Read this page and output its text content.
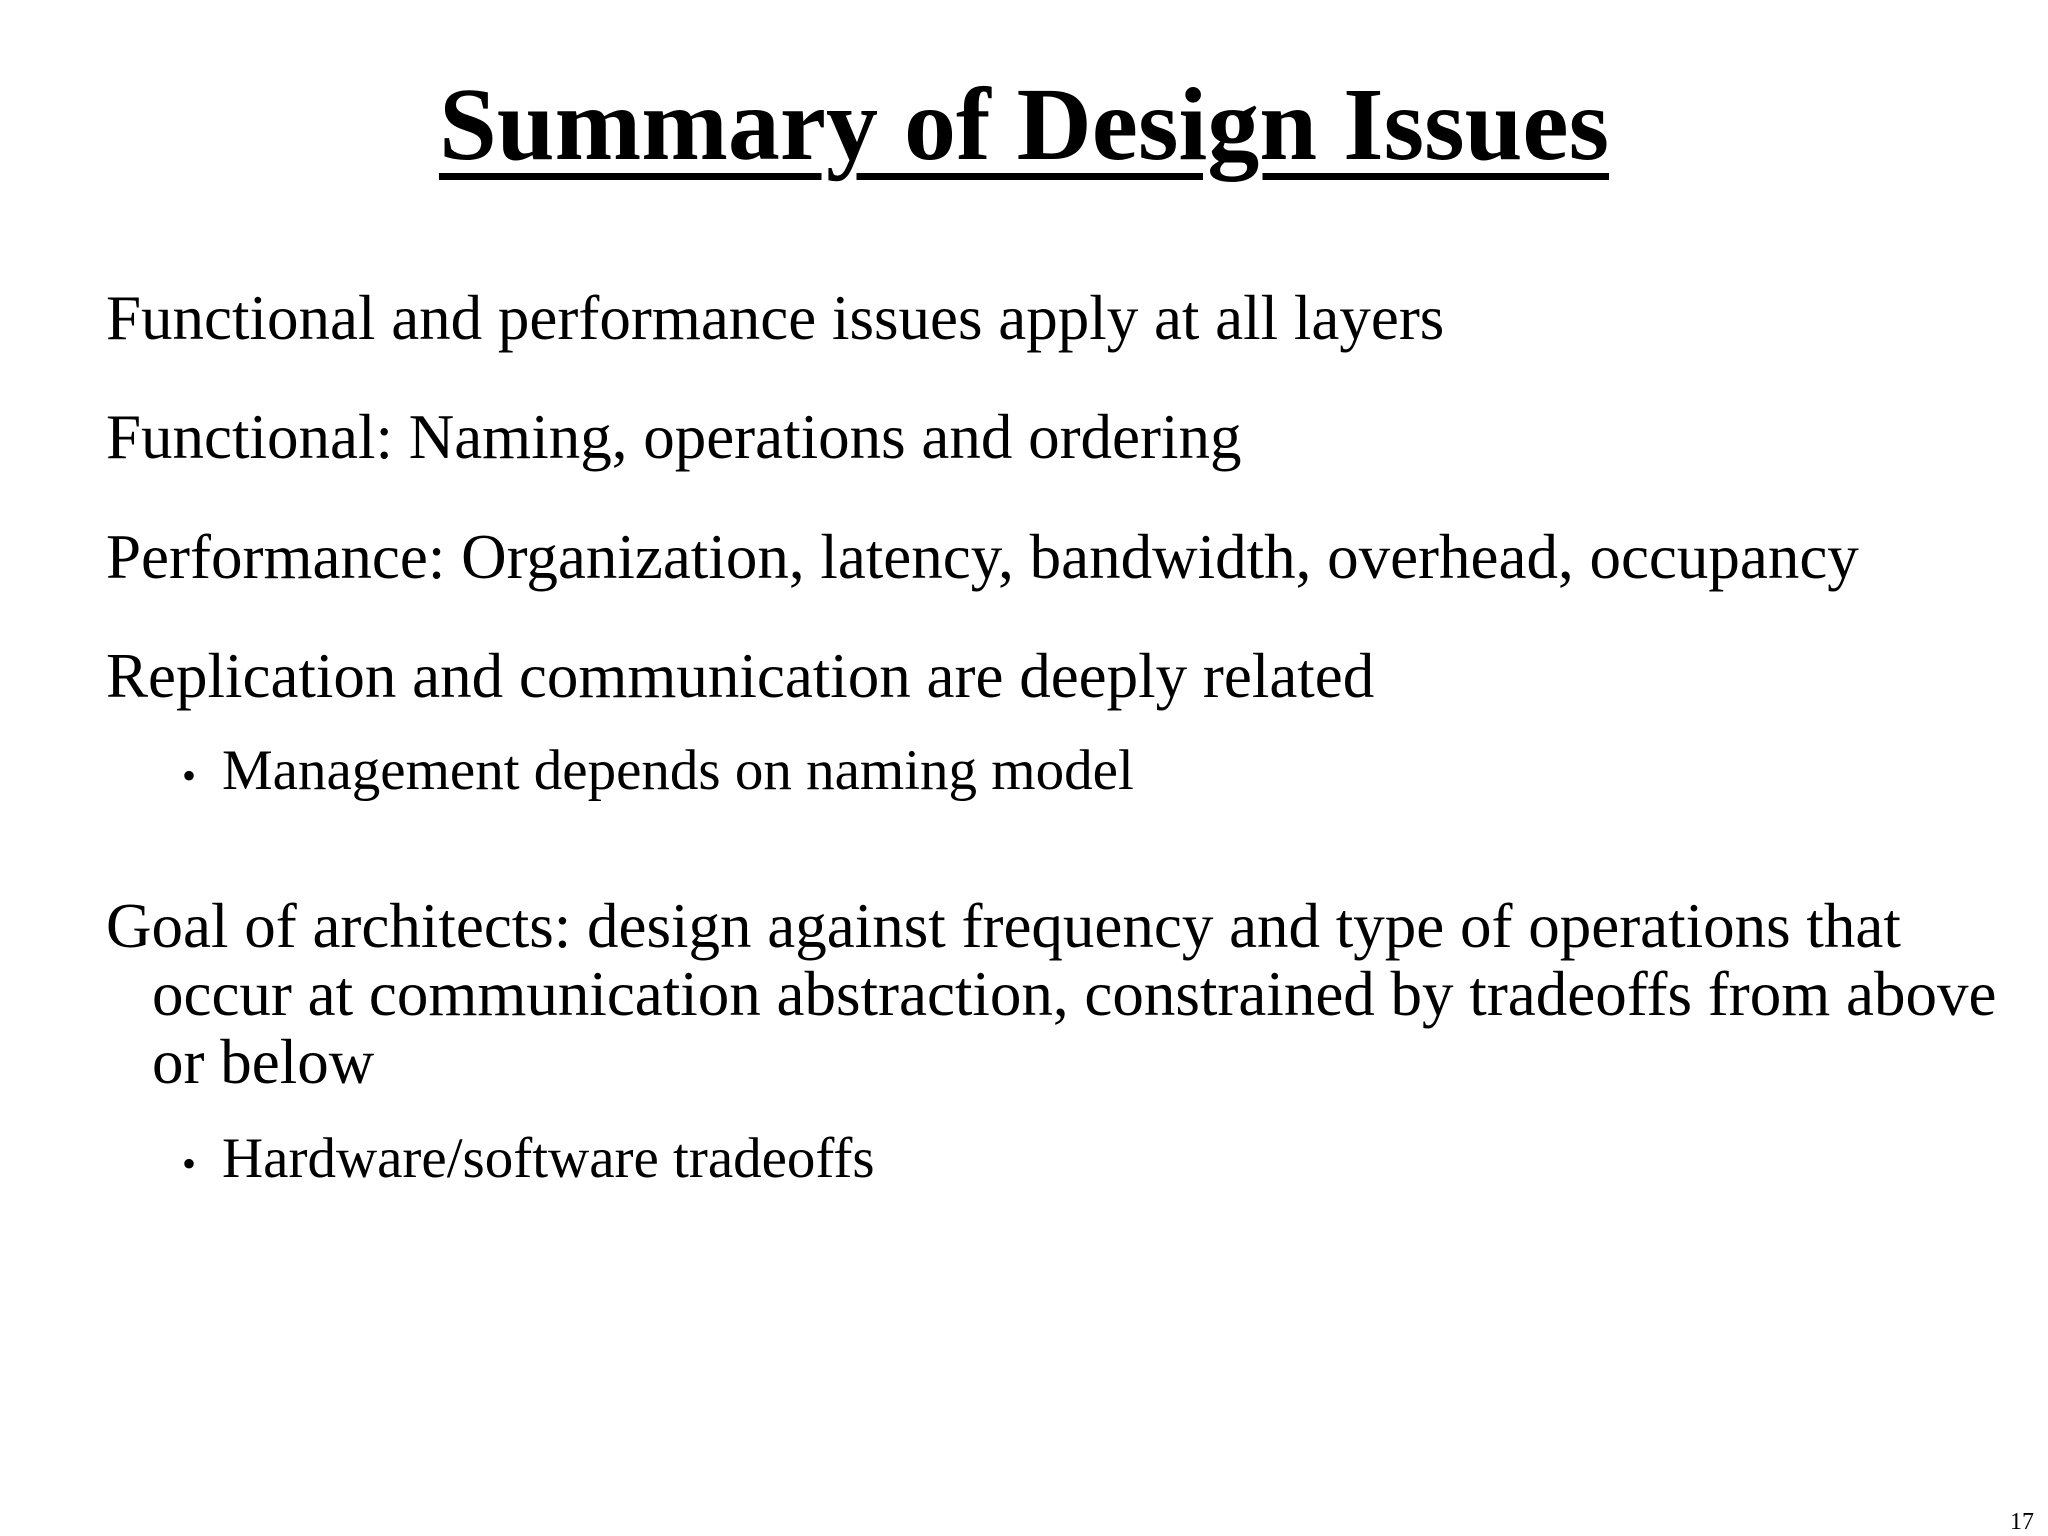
Summary of Design Issues

Functional and performance issues apply at all layers

Functional: Naming, operations and ordering

Performance: Organization, latency, bandwidth, overhead, occupancy

Replication and communication are deeply related

• Management depends on naming model

Goal of architects: design against frequency and type of operations that occur at communication abstraction, constrained by tradeoffs from above or below

• Hardware/software tradeoffs
17
